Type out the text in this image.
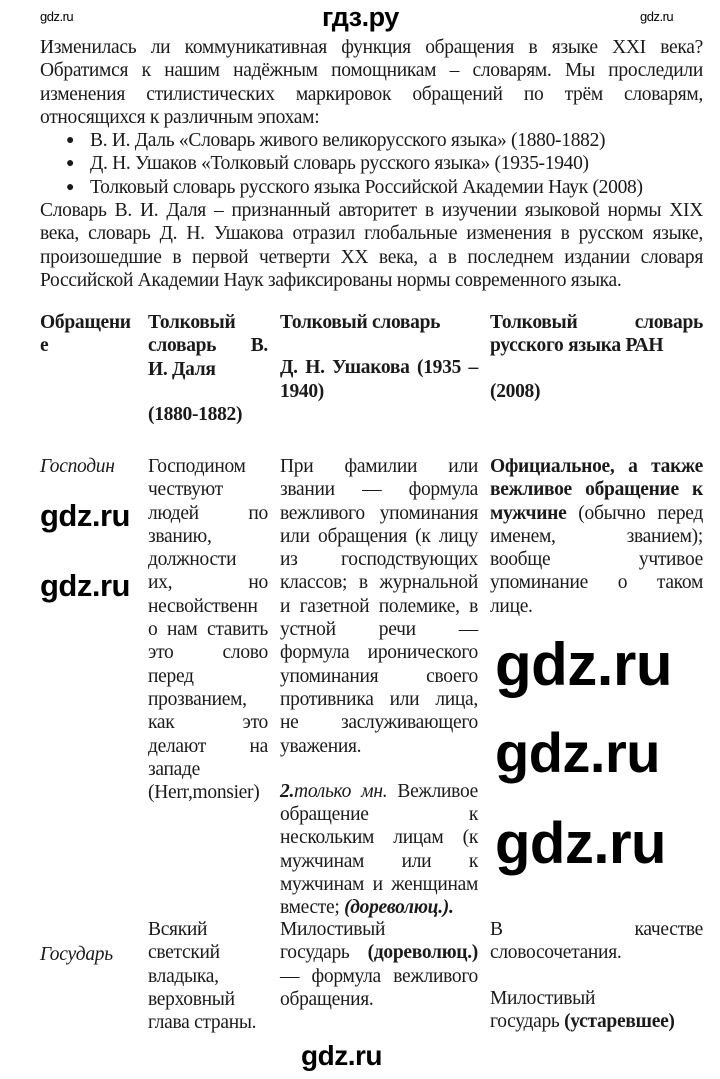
гдз.ру
Изменилась ли коммуникативная функция обращения в языке XXI века?
Обратимся к нашим надёжным помощникам – словарям. Мы проследили
изменения стилистических маркировок обращений по трём словарям,
относящихся к различным эпохам:
● В. И. Даль «Словарь живого великорусского языка» (1880-1882)
● Д. Н. Ушаков «Толковый словарь русского языка» (1935-1940)
● Толковый словарь русского языка Российской Академии Наук (2008)
Словарь В. И. Даля – признанный авторитет в изучении языковой нормы XIX
века, словарь Д. Н. Ушакова отразил глобальные изменения в русском языке,
произошедшие в первой четверти XX века, а в последнем издании словаря
Российской Академии Наук зафиксированы нормы современного языка.
Обращени
е
Толковый
словарь В.
И. Даля
(1880-1882)
Толковый словарь
Д. Н. Ушакова (1935 –
1940)
Толковый словарь
русского языка РАН
(2008)
Господин Господином
чествуют
людей по
званию,
должности
их, но
несвойственн
о нам ставить
это слово
перед
прозванием,
как это
делают на
западе
(Herr,monsier)
При фамилии или
звании — формула
вежливого упоминания
или обращения (к лицу
из господствующих
классов; в журнальной
и газетной полемике, в
устной речи —
формула иронического
упоминания своего
противника или лица,
не заслуживающего
уважения.
2.только мн. Вежливое
обращение к
нескольким лицам (к
мужчинам или к
мужчинам и женщинам
вместе; (дореволюц.).
Официальное, а также
вежливое обращение к
мужчине (обычно перед
именем, званием);
вообще учтивое
упоминание о таком
лице.
Государь
Всякий
светский
владыка,
верховный
глава страны.
Милостивый
государь (дореволюц.)
— формула вежливого
обращения.
В качестве
словосочетания.
Милостивый
государь (устаревшее)
gdz.ru	gdz.ru
gdz.ru
gdz.ru
gdz.ru
gdz.ru
gdz.ru
gdz.ru
